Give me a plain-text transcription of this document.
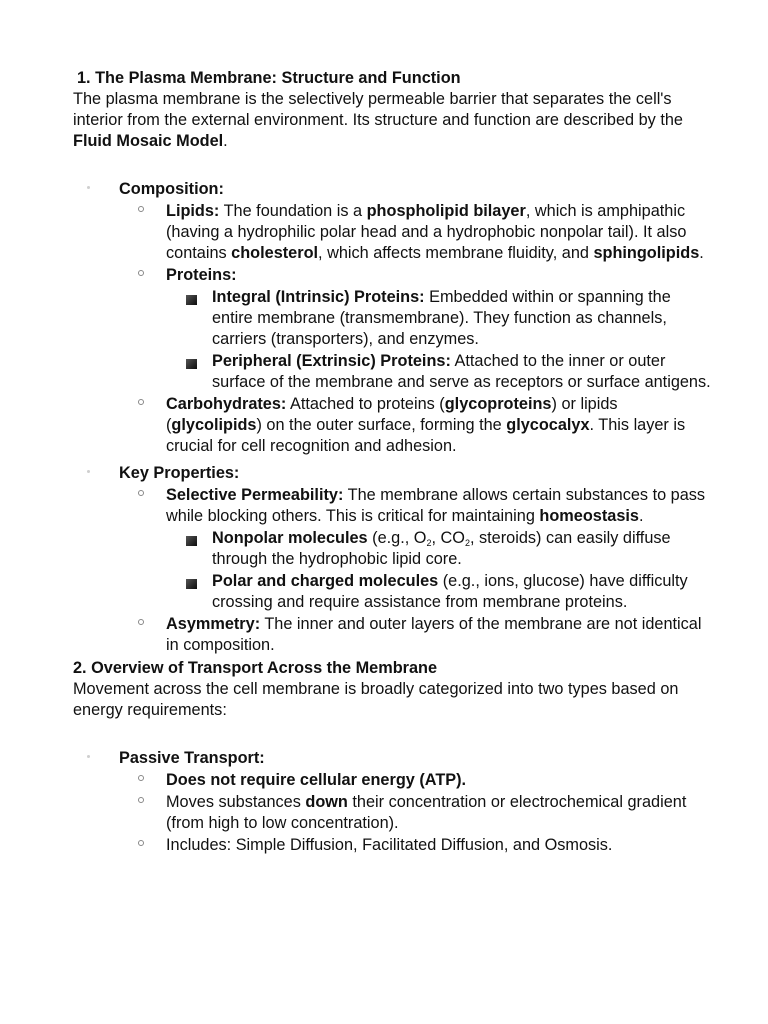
1. The Plasma Membrane: Structure and Function

The plasma membrane is the selectively permeable barrier that separates the cell's interior from the external environment. Its structure and function are described by the Fluid Mosaic Model.

Composition:
Lipids: The foundation is a phospholipid bilayer, which is amphipathic (having a hydrophilic polar head and a hydrophobic nonpolar tail). It also contains cholesterol, which affects membrane fluidity, and sphingolipids.
Proteins:
Integral (Intrinsic) Proteins: Embedded within or spanning the entire membrane (transmembrane). They function as channels, carriers (transporters), and enzymes.
Peripheral (Extrinsic) Proteins: Attached to the inner or outer surface of the membrane and serve as receptors or surface antigens.
Carbohydrates: Attached to proteins (glycoproteins) or lipids (glycolipids) on the outer surface, forming the glycocalyx. This layer is crucial for cell recognition and adhesion.
Key Properties:
Selective Permeability: The membrane allows certain substances to pass while blocking others. This is critical for maintaining homeostasis.
Nonpolar molecules (e.g., $O_2$, $CO_2$, steroids) can easily diffuse through the hydrophobic lipid core.
Polar and charged molecules (e.g., ions, glucose) have difficulty crossing and require assistance from membrane proteins.
Asymmetry: The inner and outer layers of the membrane are not identical in composition.
2. Overview of Transport Across the Membrane

Movement across the cell membrane is broadly categorized into two types based on energy requirements:

Passive Transport:
Does not require cellular energy (ATP).
Moves substances down their concentration or electrochemical gradient (from high to low concentration).
Includes: Simple Diffusion, Facilitated Diffusion, and Osmosis.
